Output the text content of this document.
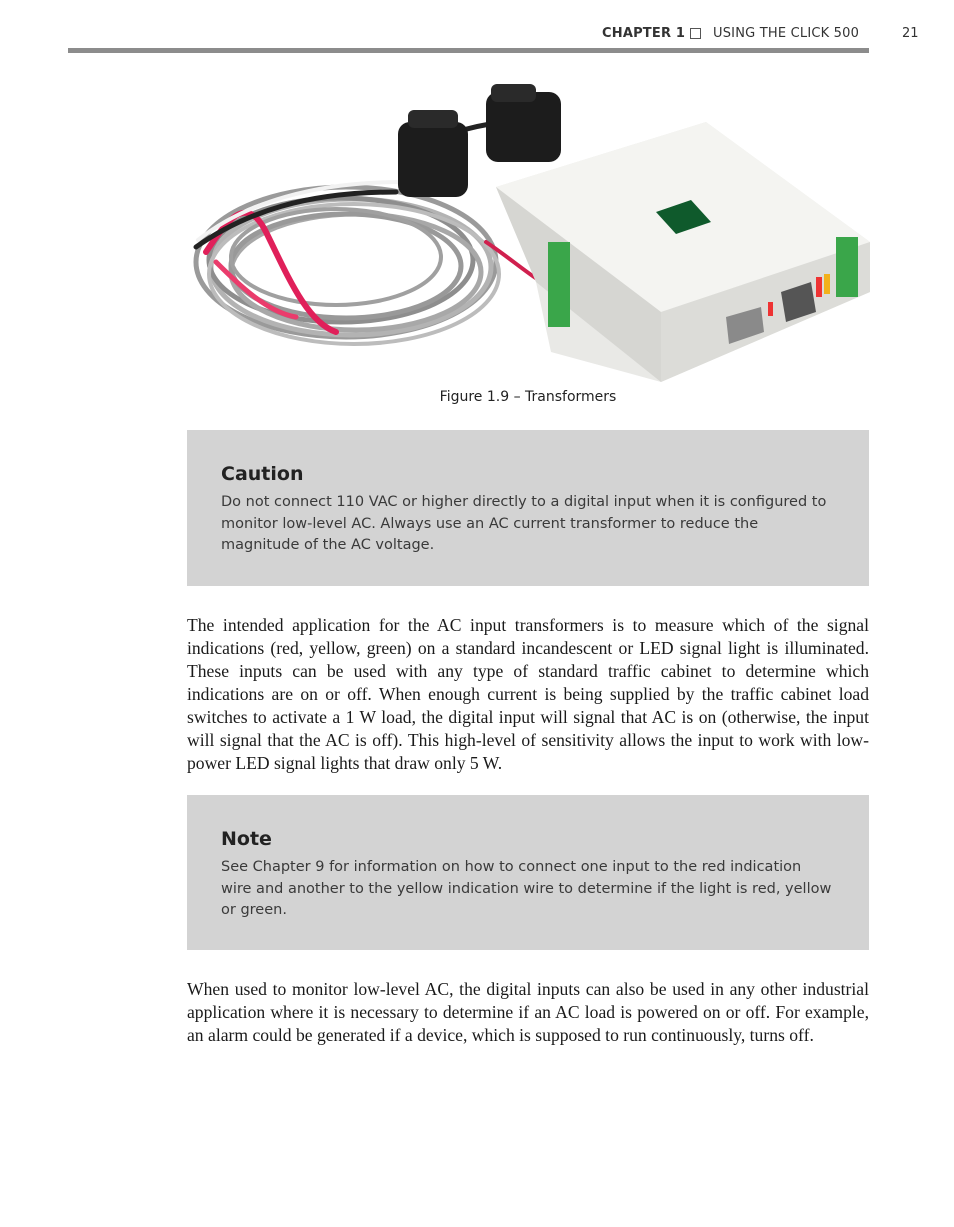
CHAPTER 1 USING THE CLICK 500	21
Figure 1.9 – Transformers
Caution
Do not connect 110 VAC or higher directly to a digital input when it is configured to monitor low-level AC. Always use an AC current transformer to reduce the magnitude of the AC voltage.
The intended application for the AC input transformers is to measure which of the signal indications (red, yellow, green) on a standard incandescent or LED signal light is illuminated. These inputs can be used with any type of standard traffic cabinet to determine which indications are on or off. When enough current is being supplied by the traffic cabinet load switches to activate a 1 W load, the digital input will signal that AC is on (otherwise, the input will signal that the AC is off). This high-level of sensitivity allows the input to work with low-power LED signal lights that draw only 5 W.
Note
See Chapter 9 for information on how to connect one input to the red indication wire and another to the yellow indication wire to determine if the light is red, yellow or green.
When used to monitor low-level AC, the digital inputs can also be used in any other industrial application where it is necessary to determine if an AC load is powered on or off. For example, an alarm could be generated if a device, which is supposed to run continuously, turns off.
